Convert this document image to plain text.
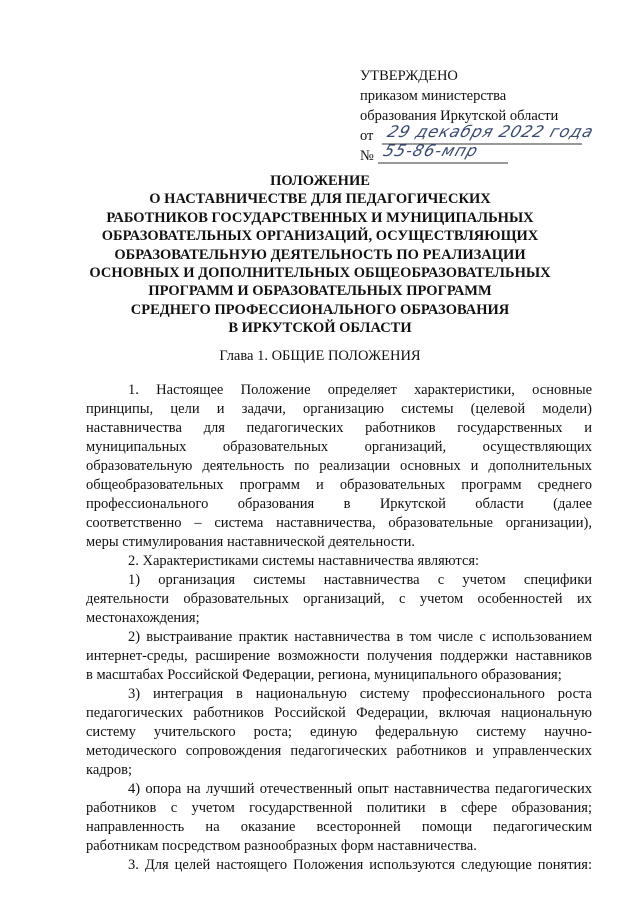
УТВЕРЖДЕНО
приказом министерства
образования Иркутской области
от 29 декабря 2022 года
№ 55-86-мпр
ПОЛОЖЕНИЕ
О НАСТАВНИЧЕСТВЕ ДЛЯ ПЕДАГОГИЧЕСКИХ
РАБОТНИКОВ ГОСУДАРСТВЕННЫХ И МУНИЦИПАЛЬНЫХ
ОБРАЗОВАТЕЛЬНЫХ ОРГАНИЗАЦИЙ, ОСУЩЕСТВЛЯЮЩИХ
ОБРАЗОВАТЕЛЬНУЮ ДЕЯТЕЛЬНОСТЬ ПО РЕАЛИЗАЦИИ
ОСНОВНЫХ И ДОПОЛНИТЕЛЬНЫХ ОБЩЕОБРАЗОВАТЕЛЬНЫХ
ПРОГРАММ И ОБРАЗОВАТЕЛЬНЫХ ПРОГРАММ
СРЕДНЕГО ПРОФЕССИОНАЛЬНОГО ОБРАЗОВАНИЯ
В ИРКУТСКОЙ ОБЛАСТИ
Глава 1. ОБЩИЕ ПОЛОЖЕНИЯ
1. Настоящее Положение определяет характеристики, основные
принципы, цели и задачи, организацию системы (целевой модели)
наставничества для педагогических работников государственных и
муниципальных образовательных организаций, осуществляющих
образовательную деятельность по реализации основных и дополнительных
общеобразовательных программ и образовательных программ среднего
профессионального образования в Иркутской области (далее
соответственно – система наставничества, образовательные организации),
меры стимулирования наставнической деятельности.
2. Характеристиками системы наставничества являются:
1) организация системы наставничества с учетом специфики
деятельности образовательных организаций, с учетом особенностей их
местонахождения;
2) выстраивание практик наставничества в том числе с использованием
интернет-среды, расширение возможности получения поддержки наставников
в масштабах Российской Федерации, региона, муниципального образования;
3) интеграция в национальную систему профессионального роста
педагогических работников Российской Федерации, включая национальную
систему учительского роста; единую федеральную систему научно-
методического сопровождения педагогических работников и управленческих
кадров;
4) опора на лучший отечественный опыт наставничества педагогических
работников с учетом государственной политики в сфере образования;
направленность на оказание всесторонней помощи педагогическим
работникам посредством разнообразных форм наставничества.
3. Для целей настоящего Положения используются следующие понятия:
